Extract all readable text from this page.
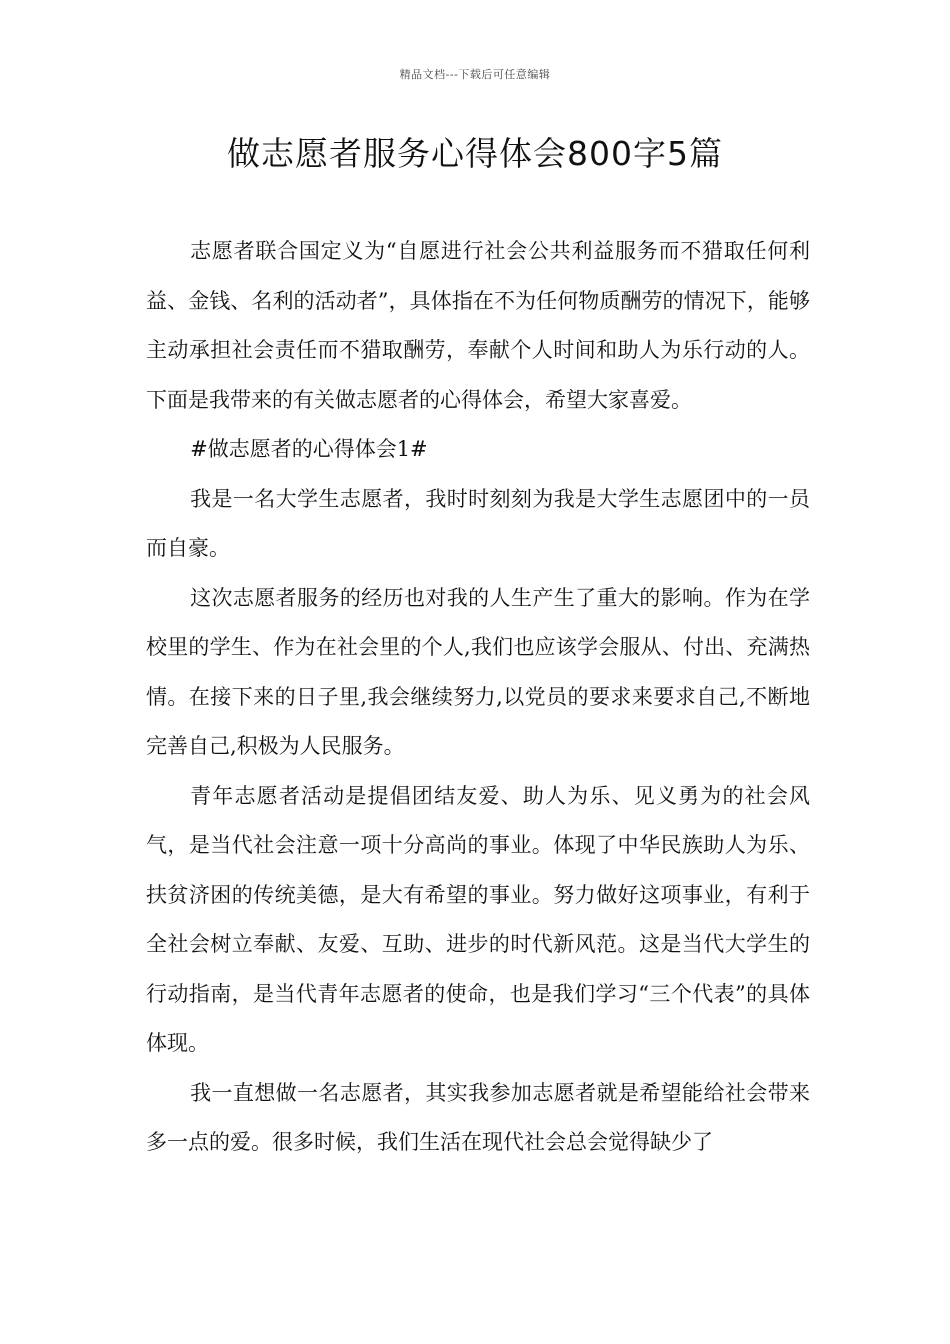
精品文档---下载后可任意编辑
做志愿者服务心得体会800字5篇

志愿者联合国定义为“自愿进行社会公共利益服务而不猎取任何利益、金钱、名利的活动者”，具体指在不为任何物质酬劳的情况下，能够主动承担社会责任而不猎取酬劳，奉献个人时间和助人为乐行动的人。下面是我带来的有关做志愿者的心得体会，希望大家喜爱。

#做志愿者的心得体会1#

我是一名大学生志愿者，我时时刻刻为我是大学生志愿团中的一员而自豪。

这次志愿者服务的经历也对我的人生产生了重大的影响。作为在学校里的学生、作为在社会里的个人,我们也应该学会服从、付出、充满热情。在接下来的日子里,我会继续努力,以党员的要求来要求自己,不断地完善自己,积极为人民服务。

青年志愿者活动是提倡团结友爱、助人为乐、见义勇为的社会风气，是当代社会注意一项十分高尚的事业。体现了中华民族助人为乐、扶贫济困的传统美德，是大有希望的事业。努力做好这项事业，有利于全社会树立奉献、友爱、互助、进步的时代新风范。这是当代大学生的行动指南，是当代青年志愿者的使命，也是我们学习“三个代表”的具体体现。

我一直想做一名志愿者，其实我参加志愿者就是希望能给社会带来多一点的爱。很多时候，我们生活在现代社会总会觉得缺少了
